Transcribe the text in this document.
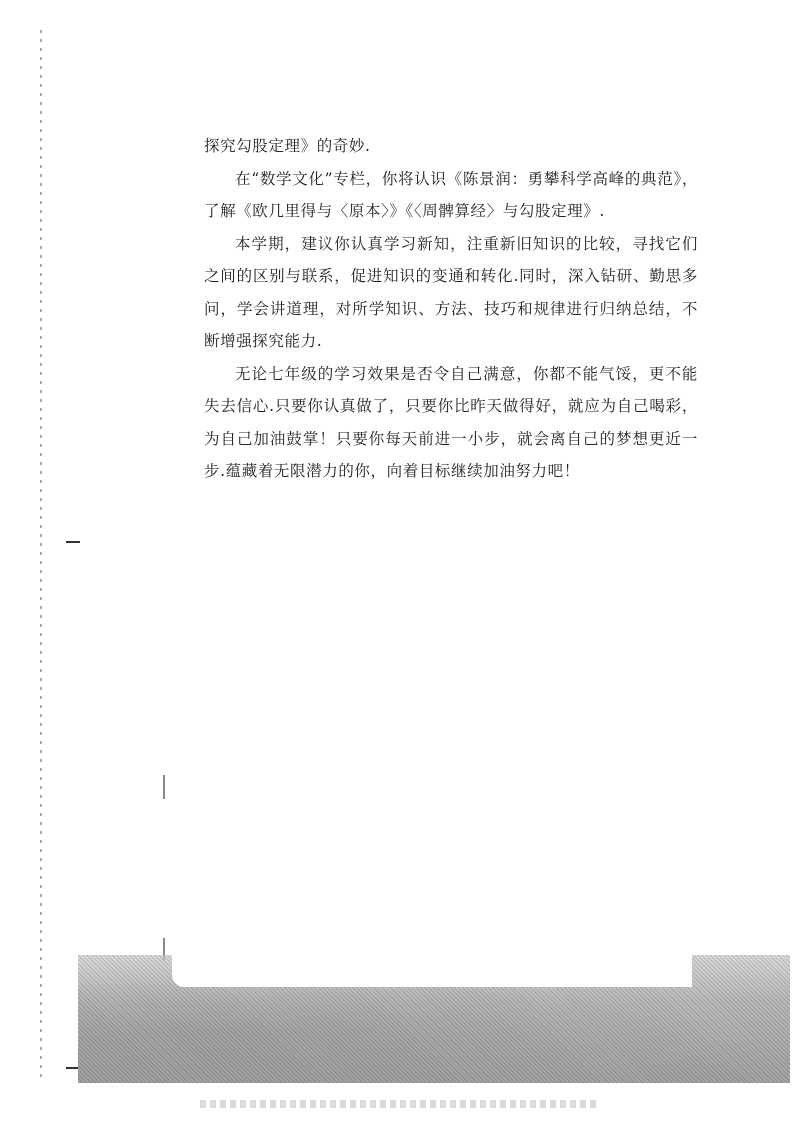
探究勾股定理》的奇妙.

在“数学文化”专栏，你将认识《陈景润：勇攀科学高峰的典范》，了解《欧几里得与〈原本〉》《〈周髀算经〉与勾股定理》.

本学期，建议你认真学习新知，注重新旧知识的比较，寻找它们之间的区别与联系，促进知识的变通和转化.同时，深入钻研、勤思多问，学会讲道理，对所学知识、方法、技巧和规律进行归纳总结，不断增强探究能力.

无论七年级的学习效果是否令自己满意，你都不能气馁，更不能失去信心.只要你认真做了，只要你比昨天做得好，就应为自己喝彩，为自己加油鼓掌！只要你每天前进一小步，就会离自己的梦想更近一步.蕴藏着无限潜力的你，向着目标继续加油努力吧！
